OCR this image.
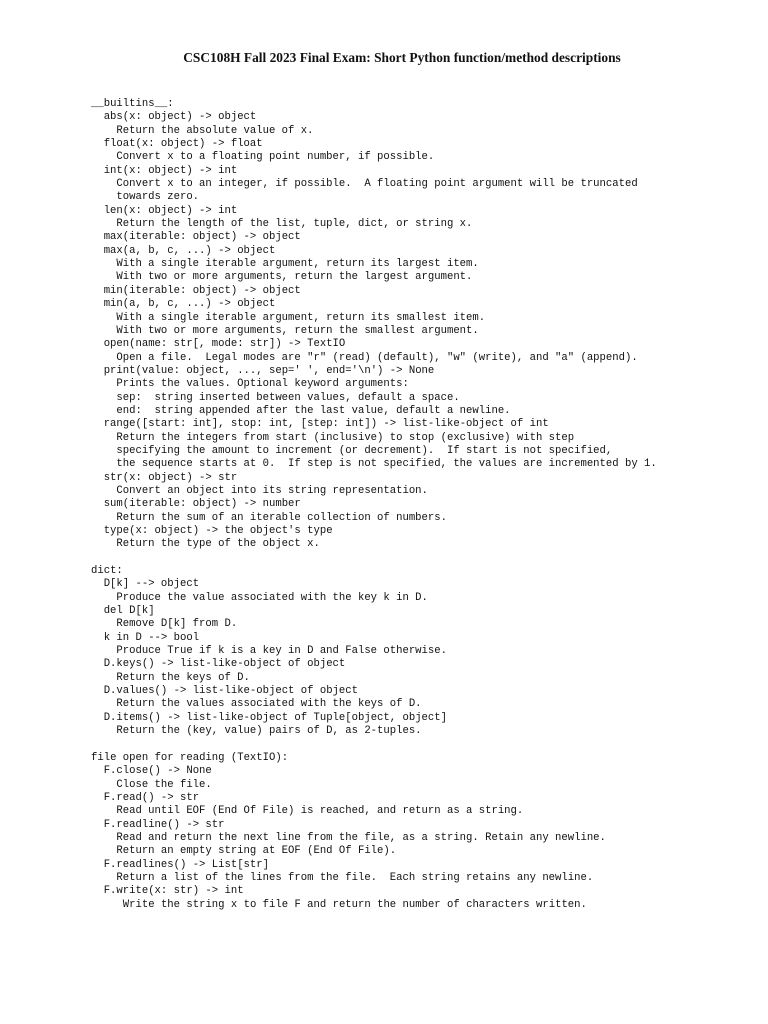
CSC108H Fall 2023 Final Exam: Short Python function/method descriptions
__builtins__:
abs(x: object) -> object
Return the absolute value of x.
float(x: object) -> float
Convert x to a floating point number, if possible.
int(x: object) -> int
Convert x to an integer, if possible.  A floating point argument will be truncated
towards zero.
len(x: object) -> int
Return the length of the list, tuple, dict, or string x.
max(iterable: object) -> object
max(a, b, c, ...) -> object
With a single iterable argument, return its largest item.
With two or more arguments, return the largest argument.
min(iterable: object) -> object
min(a, b, c, ...) -> object
With a single iterable argument, return its smallest item.
With two or more arguments, return the smallest argument.
open(name: str[, mode: str]) -> TextIO
Open a file.  Legal modes are "r" (read) (default), "w" (write), and "a" (append).
print(value: object, ..., sep=' ', end='\n') -> None
Prints the values. Optional keyword arguments:
sep:  string inserted between values, default a space.
end:  string appended after the last value, default a newline.
range([start: int], stop: int, [step: int]) -> list-like-object of int
Return the integers from start (inclusive) to stop (exclusive) with step
specifying the amount to increment (or decrement).  If start is not specified,
the sequence starts at 0.  If step is not specified, the values are incremented by 1.
str(x: object) -> str
Convert an object into its string representation.
sum(iterable: object) -> number
Return the sum of an iterable collection of numbers.
type(x: object) -> the object's type
Return the type of the object x.
dict:
D[k] --> object
Produce the value associated with the key k in D.
del D[k]
Remove D[k] from D.
k in D --> bool
Produce True if k is a key in D and False otherwise.
D.keys() -> list-like-object of object
Return the keys of D.
D.values() -> list-like-object of object
Return the values associated with the keys of D.
D.items() -> list-like-object of Tuple[object, object]
Return the (key, value) pairs of D, as 2-tuples.
file open for reading (TextIO):
F.close() -> None
Close the file.
F.read() -> str
Read until EOF (End Of File) is reached, and return as a string.
F.readline() -> str
Read and return the next line from the file, as a string. Retain any newline.
Return an empty string at EOF (End Of File).
F.readlines() -> List[str]
Return a list of the lines from the file.  Each string retains any newline.
F.write(x: str) -> int
Write the string x to file F and return the number of characters written.
